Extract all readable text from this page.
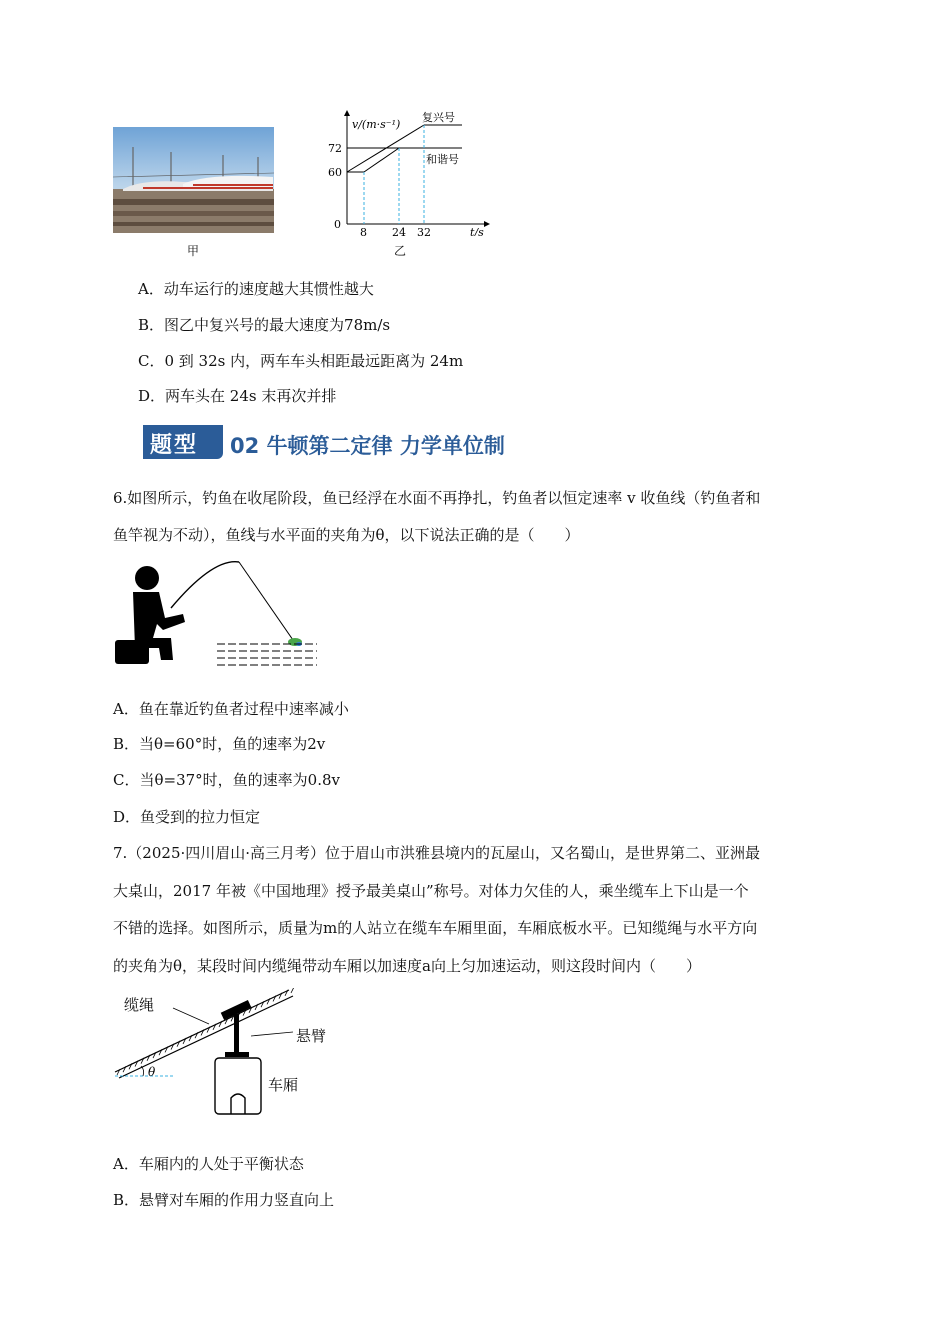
甲
v/(m·s⁻¹)
t/s
72
60
0
8 24 32
复兴号
和谐号
乙
A．动车运行的速度越大其惯性越大
B．图乙中复兴号的最大速度为78m/s
C．0 到 32s 内，两车车头相距最远距离为 24m
D．两车头在 24s 末再次并排
题型 02 牛顿第二定律 力学单位制
6.如图所示，钓鱼在收尾阶段，鱼已经浮在水面不再挣扎，钓鱼者以恒定速率 v 收鱼线（钓鱼者和
鱼竿视为不动），鱼线与水平面的夹角为θ，以下说法正确的是（　　）
A．鱼在靠近钓鱼者过程中速率减小
B．当θ=60°时，鱼的速率为2v
C．当θ=37°时，鱼的速率为0.8v
D．鱼受到的拉力恒定
7.（2025·四川眉山·高三月考）位于眉山市洪雅县境内的瓦屋山，又名蜀山，是世界第二、亚洲最
大桌山，2017 年被《中国地理》授予最美桌山”称号。对体力欠佳的人，乘坐缆车上下山是一个
不错的选择。如图所示，质量为m的人站立在缆车车厢里面，车厢底板水平。已知缆绳与水平方向
的夹角为θ，某段时间内缆绳带动车厢以加速度a向上匀加速运动，则这段时间内（　　）
θ
缆绳
悬臂
车厢
A．车厢内的人处于平衡状态
B．悬臂对车厢的作用力竖直向上
